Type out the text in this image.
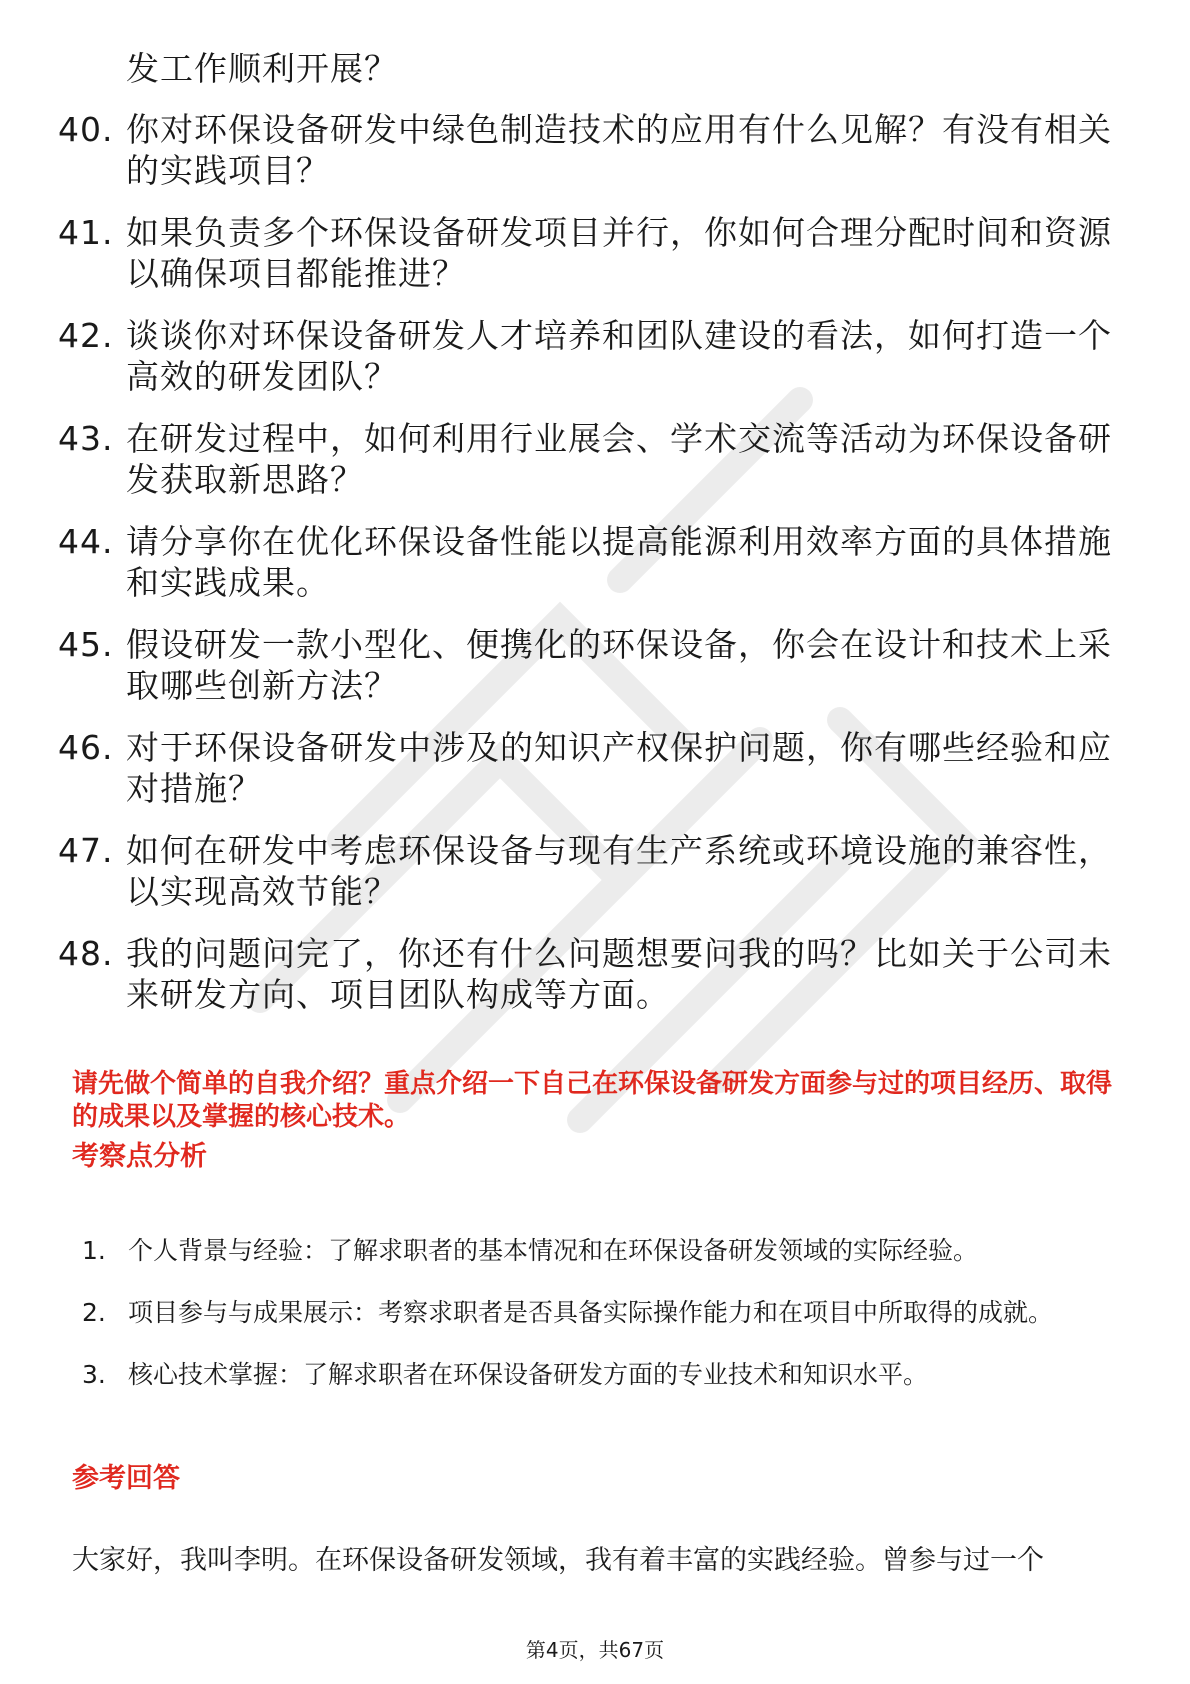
发工作顺利开展？
40. 你对环保设备研发中绿色制造技术的应用有什么见解？有没有相关的实践项目？
41. 如果负责多个环保设备研发项目并行，你如何合理分配时间和资源以确保项目都能推进？
42. 谈谈你对环保设备研发人才培养和团队建设的看法，如何打造一个高效的研发团队？
43. 在研发过程中，如何利用行业展会、学术交流等活动为环保设备研发获取新思路？
44. 请分享你在优化环保设备性能以提高能源利用效率方面的具体措施和实践成果。
45. 假设研发一款小型化、便携化的环保设备，你会在设计和技术上采取哪些创新方法？
46. 对于环保设备研发中涉及的知识产权保护问题，你有哪些经验和应对措施？
47. 如何在研发中考虑环保设备与现有生产系统或环境设施的兼容性，以实现高效节能？
48. 我的问题问完了，你还有什么问题想要问我的吗？比如关于公司未来研发方向、项目团队构成等方面。
请先做个简单的自我介绍？重点介绍一下自己在环保设备研发方面参与过的项目经历、取得的成果以及掌握的核心技术。
考察点分析
1. 个人背景与经验：了解求职者的基本情况和在环保设备研发领域的实际经验。
2. 项目参与与成果展示：考察求职者是否具备实际操作能力和在项目中所取得的成就。
3. 核心技术掌握：了解求职者在环保设备研发方面的专业技术和知识水平。
参考回答
大家好，我叫李明。在环保设备研发领域，我有着丰富的实践经验。曾参与过一个
第4页，共67页
